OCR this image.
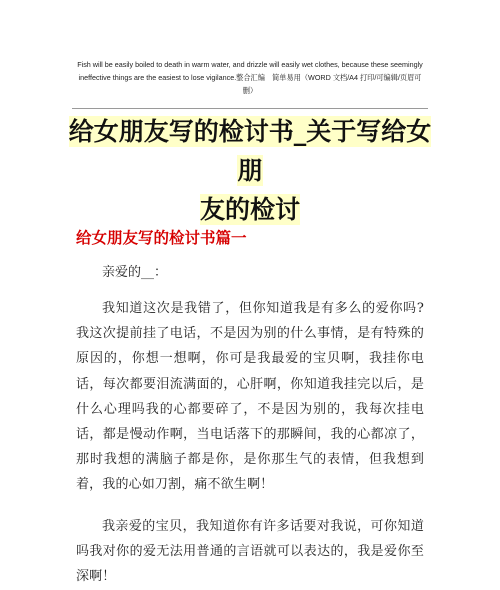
Fish will be easily boiled to death in warm water, and drizzle will easily wet clothes, because these seemingly
ineffective things are the easiest to lose vigilance.整合汇编　简单易用（WORD 文档/A4 打印/可编辑/页眉可
删）
给女朋友写的检讨书_关于写给女朋
友的检讨
给女朋友写的检讨书篇一
亲爱的__：
我知道这次是我错了，但你知道我是有多么的爱你吗?我这次提前挂了电话，不是因为别的什么事情，是有特殊的原因的，你想一想啊，你可是我最爱的宝贝啊，我挂你电话，每次都要泪流满面的，心肝啊，你知道我挂完以后，是什么心理吗我的心都要碎了，不是因为别的，我每次挂电话，都是慢动作啊，当电话落下的那瞬间，我的心都凉了，那时我想的满脑子都是你，是你那生气的表情，但我想到着，我的心如刀割，痛不欲生啊！
我亲爱的宝贝，我知道你有许多话要对我说，可你知道吗我对你的爱无法用普通的言语就可以表达的，我是爱你至深啊！
